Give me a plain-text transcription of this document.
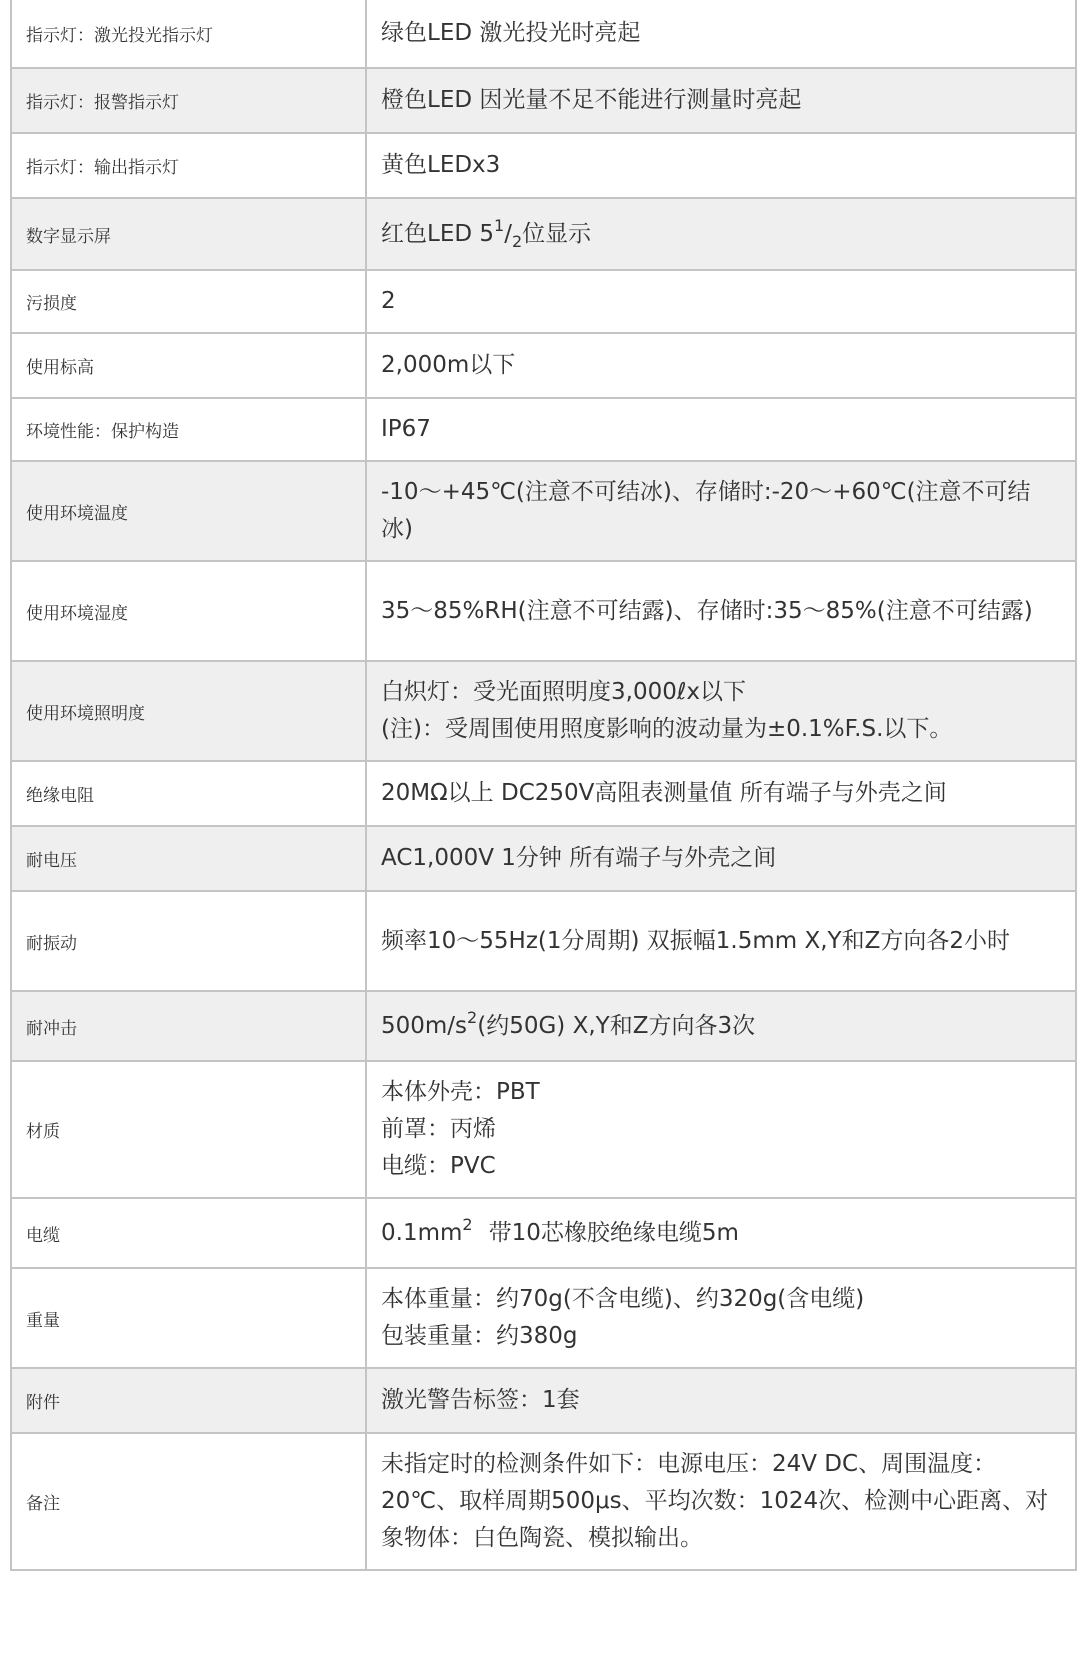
指示灯：激光投光指示灯	绿色LED 激光投光时亮起
指示灯：报警指示灯	橙色LED 因光量不足不能进行测量时亮起
指示灯：输出指示灯	黄色LEDx3
数字显示屏	红色LED $5^1/_2$位显示
污损度	2
使用标高	2,000m以下
环境性能：保护构造	IP67
使用环境温度	-10～+45℃(注意不可结冰)、存储时:-20～+60℃(注意不可结冰)
使用环境湿度	35～85%RH(注意不可结露)、存储时:35～85%(注意不可结露)
使用环境照明度	白炽灯：受光面照明度3,000ℓx以下
(注)：受周围使用照度影响的波动量为±0.1%F.S.以下。

绝缘电阻	20MΩ以上 DC250V高阻表测量值 所有端子与外壳之间
耐电压	AC1,000V 1分钟 所有端子与外壳之间
耐振动	频率10～55Hz(1分周期) 双振幅1.5mm X,Y和Z方向各2小时
耐冲击	$500m/s^2$(约50G) X,Y和Z方向各3次
材质	本体外壳：PBT
前罩：丙烯
电缆：PVC

电缆	$0.1mm^2$ 带10芯橡胶绝缘电缆5m
重量	本体重量：约70g(不含电缆)、约320g(含电缆)
包装重量：约380g

附件	激光警告标签：1套
备注	未指定时的检测条件如下：电源电压：24V DC、周围温度：20℃、取样周期500μs、平均次数：1024次、检测中心距离、对象物体：白色陶瓷、模拟输出。
